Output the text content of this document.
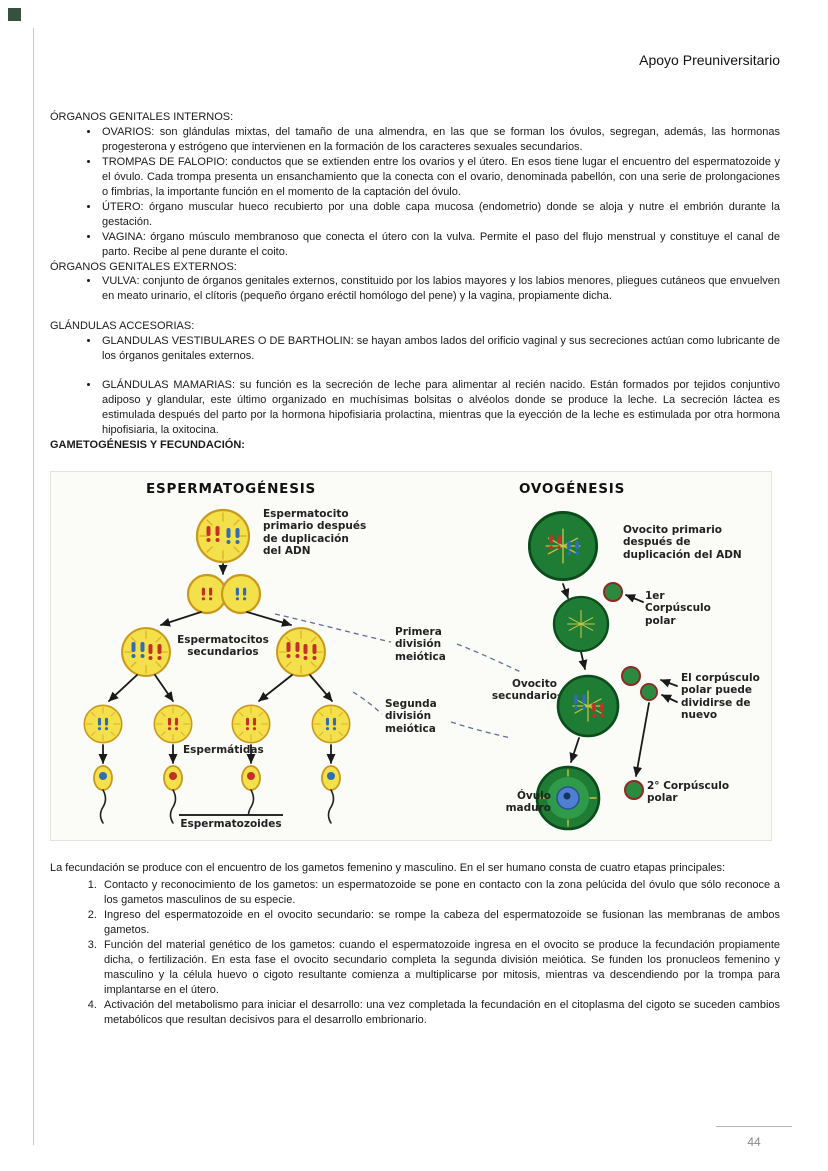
Apoyo Preuniversitario
ÓRGANOS GENITALES INTERNOS:
• OVARIOS: son glándulas mixtas, del tamaño de una almendra, en las que se forman los óvulos, segregan, además, las hormonas progesterona y estrógeno que intervienen en la formación de los caracteres sexuales secundarios.
• TROMPAS DE FALOPIO: conductos que se extienden entre los ovarios y el útero. En esos tiene lugar el encuentro del espermatozoide y el óvulo. Cada trompa presenta un ensanchamiento que la conecta con el ovario, denominada pabellón, con una serie de prolongaciones o fimbrias, la importante función en el momento de la captación del óvulo.
• ÚTERO: órgano muscular hueco recubierto por una doble capa mucosa (endometrio) donde se aloja y nutre el embrión durante la gestación.
• VAGINA: órgano músculo membranoso que conecta el útero con la vulva. Permite el paso del flujo menstrual y constituye el canal de parto. Recibe al pene durante el coito.
ÓRGANOS GENITALES EXTERNOS:
• VULVA: conjunto de órganos genitales externos, constituido por los labios mayores y los labios menores, pliegues cutáneos que envuelven en meato urinario, el clítoris (pequeño órgano eréctil homólogo del pene) y la vagina, propiamente dicha.
GLÁNDULAS ACCESORIAS:
• GLANDULAS VESTIBULARES O DE BARTHOLIN: se hayan ambos lados del orificio vaginal y sus secreciones actúan como lubricante de los órganos genitales externos.
• GLÁNDULAS MAMARIAS: su función es la secreción de leche para alimentar al recién nacido. Están formados por tejidos conjuntivo adiposo y glandular, este último organizado en muchísimas bolsitas o alvéolos donde se produce la leche. La secreción láctea es estimulada después del parto por la hormona hipofisiaria prolactina, mientras que la eyección de la leche es estimulada por otra hormona hipofisiaria, la oxitocina.
GAMETOGÉNESIS Y FECUNDACIÓN:
ESPERMATOGÉNESIS	OVOGÉNESIS
Espermatocito primario después de duplicación del ADN
Espermatocitos secundarios
Espermátidas
Espermatozoides
Primera división meiótica
Segunda división meiótica
Ovocito primario después de duplicación del ADN
1er Corpúsculo polar
Ovocito secundario
El corpúsculo polar puede dividirse de nuevo
Óvulo maduro
2° Corpúsculo polar

La fecundación se produce con el encuentro de los gametos femenino y masculino. En el ser humano consta de cuatro etapas principales:

1. Contacto y reconocimiento de los gametos: un espermatozoide se pone en contacto con la zona pelúcida del óvulo que sólo reconoce a los gametos masculinos de su especie.
2. Ingreso del espermatozoide en el ovocito secundario: se rompe la cabeza del espermatozoide se fusionan las membranas de ambos gametos.
3. Función del material genético de los gametos: cuando el espermatozoide ingresa en el ovocito se produce la fecundación propiamente dicha, o fertilización. En esta fase el ovocito secundario completa la segunda división meiótica. Se funden los pronucleos femenino y masculino y la célula huevo o cigoto resultante comienza a multiplicarse por mitosis, mientras va descendiendo por la trompa para implantarse en el útero.
4. Activación del metabolismo para iniciar el desarrollo: una vez completada la fecundación en el citoplasma del cigoto se suceden cambios metabólicos que resultan decisivos para el desarrollo embrionario.
44
